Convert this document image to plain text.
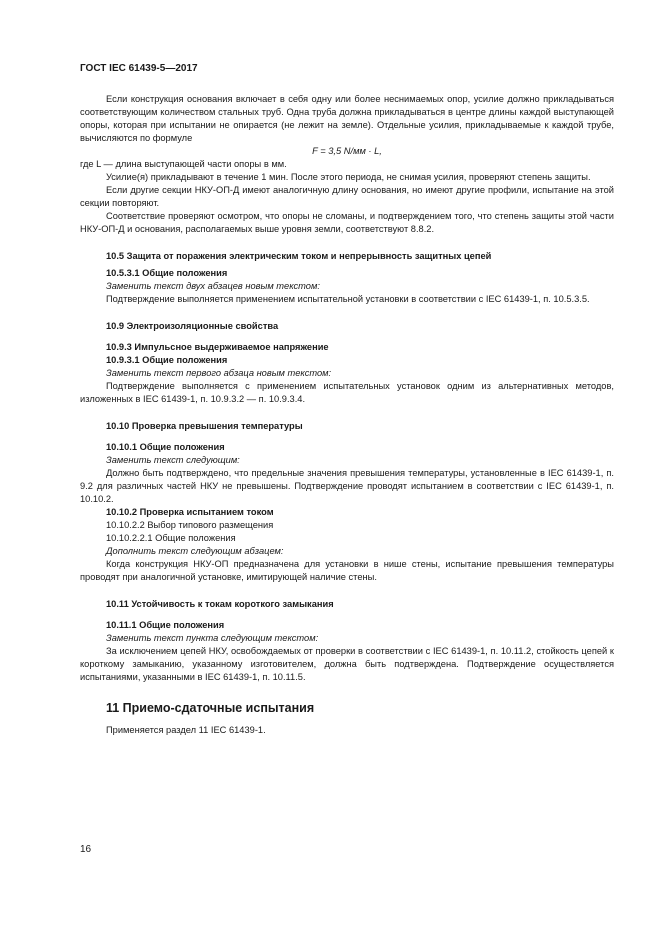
ГОСТ IEC 61439-5—2017

Если конструкция основания включает в себя одну или более неснимаемых опор, усилие должно прикладываться соответствующим количеством стальных труб. Одна труба должна прикладываться в центре длины каждой выступающей опоры, которая при испытании не опирается (не лежит на земле). Отдельные усилия, прикладываемые к каждой трубе, вычисляются по формуле

F = 3,5 N/мм · L,

где L — длина выступающей части опоры в мм.

Усилие(я) прикладывают в течение 1 мин. После этого периода, не снимая усилия, проверяют степень защиты.

Если другие секции НКУ-ОП-Д имеют аналогичную длину основания, но имеют другие профили, испытание на этой секции повторяют.

Соответствие проверяют осмотром, что опоры не сломаны, и подтверждением того, что степень защиты этой части НКУ-ОП-Д и основания, располагаемых выше уровня земли, соответствуют 8.8.2.

10.5 Защита от поражения электрическим током и непрерывность защитных цепей

10.5.3.1 Общие положения

Заменить текст двух абзацев новым текстом:

Подтверждение выполняется применением испытательной установки в соответствии с IEC 61439-1, п. 10.5.3.5.

10.9 Электроизоляционные свойства

10.9.3 Импульсное выдерживаемое напряжение

10.9.3.1 Общие положения

Заменить текст первого абзаца новым текстом:

Подтверждение выполняется с применением испытательных установок одним из альтернативных методов, изложенных в IEC 61439-1, п. 10.9.3.2 — п. 10.9.3.4.

10.10 Проверка превышения температуры

10.10.1 Общие положения

Заменить текст следующим:

Должно быть подтверждено, что предельные значения превышения температуры, установленные в IEC 61439-1, п. 9.2 для различных частей НКУ не превышены. Подтверждение проводят испытанием в соответствии с IEC 61439-1, п. 10.10.2.

10.10.2 Проверка испытанием током

10.10.2.2 Выбор типового размещения

10.10.2.2.1 Общие положения

Дополнить текст следующим абзацем:

Когда конструкция НКУ-ОП предназначена для установки в нише стены, испытание превышения температуры проводят при аналогичной установке, имитирующей наличие стены.

10.11 Устойчивость к токам короткого замыкания

10.11.1 Общие положения

Заменить текст пункта следующим текстом:

За исключением цепей НКУ, освобождаемых от проверки в соответствии с IEC 61439-1, п. 10.11.2, стойкость цепей к короткому замыканию, указанному изготовителем, должна быть подтверждена. Подтверждение осуществляется испытаниями, указанными в IEC 61439-1, п. 10.11.5.

11 Приемо-сдаточные испытания

Применяется раздел 11 IEC 61439-1.

16
